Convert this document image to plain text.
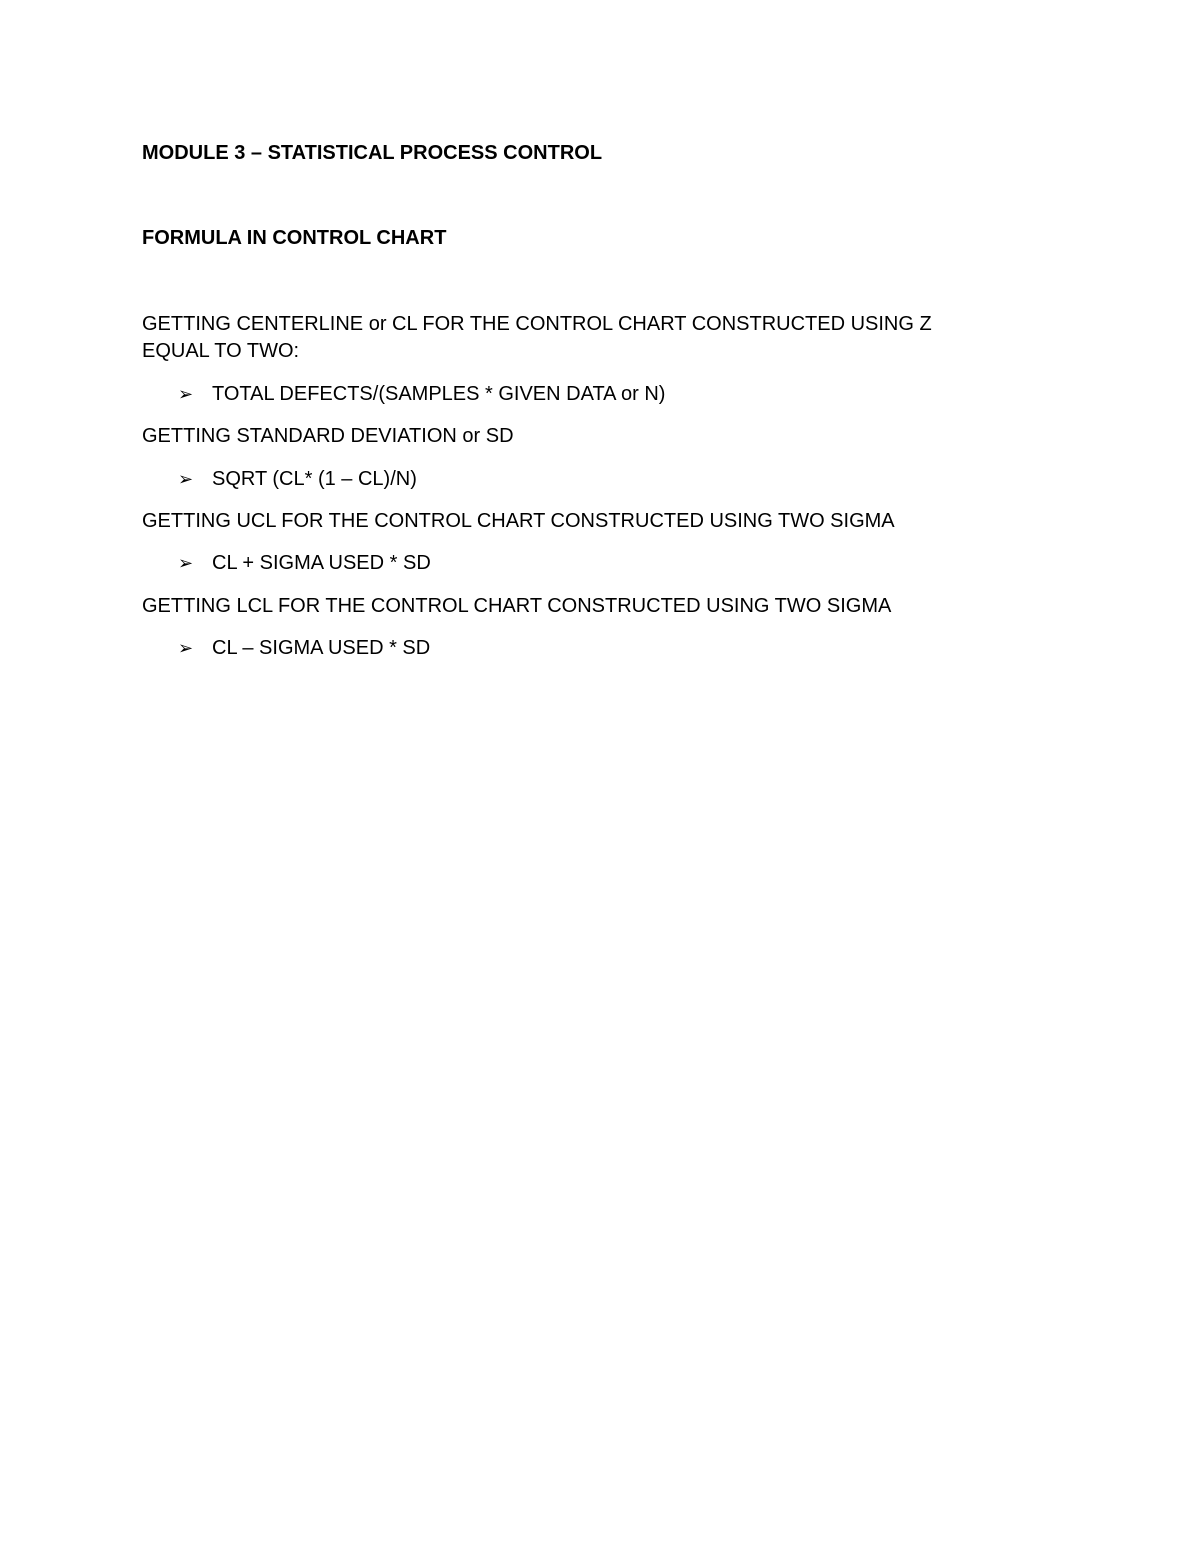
MODULE 3 – STATISTICAL PROCESS CONTROL
FORMULA IN CONTROL CHART
GETTING CENTERLINE or CL FOR THE CONTROL CHART CONSTRUCTED USING Z
EQUAL TO TWO:
➢ TOTAL DEFECTS/(SAMPLES * GIVEN DATA or N)
GETTING STANDARD DEVIATION or SD
➢ SQRT (CL* (1 – CL)/N)
GETTING UCL FOR THE CONTROL CHART CONSTRUCTED USING TWO SIGMA
➢ CL + SIGMA USED * SD
GETTING LCL FOR THE CONTROL CHART CONSTRUCTED USING TWO SIGMA
➢ CL – SIGMA USED * SD
